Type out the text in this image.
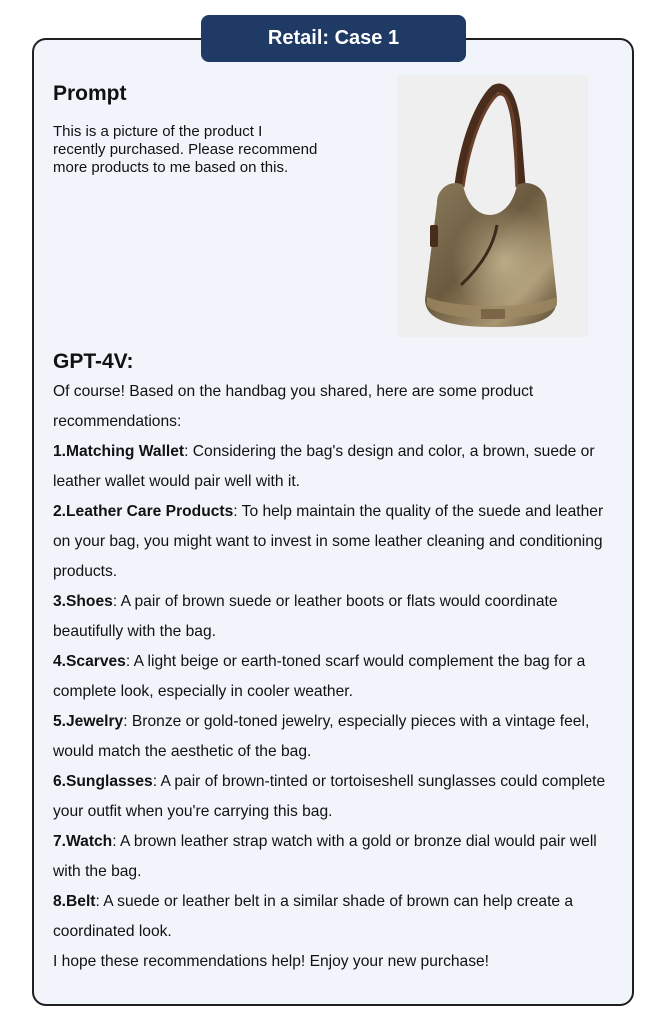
Retail: Case 1
Prompt

This is a picture of the product I recently purchased. Please recommend more products to me based on this.

GPT-4V:

Of course! Based on the handbag you shared, here are some product recommendations:

1.Matching Wallet: Considering the bag's design and color, a brown, suede or leather wallet would pair well with it.

2.Leather Care Products: To help maintain the quality of the suede and leather on your bag, you might want to invest in some leather cleaning and conditioning products.

3.Shoes: A pair of brown suede or leather boots or flats would coordinate beautifully with the bag.

4.Scarves: A light beige or earth-toned scarf would complement the bag for a complete look, especially in cooler weather.

5.Jewelry: Bronze or gold-toned jewelry, especially pieces with a vintage feel, would match the aesthetic of the bag.

6.Sunglasses: A pair of brown-tinted or tortoiseshell sunglasses could complete your outfit when you're carrying this bag.

7.Watch: A brown leather strap watch with a gold or bronze dial would pair well with the bag.

8.Belt: A suede or leather belt in a similar shade of brown can help create a coordinated look.

I hope these recommendations help! Enjoy your new purchase!
